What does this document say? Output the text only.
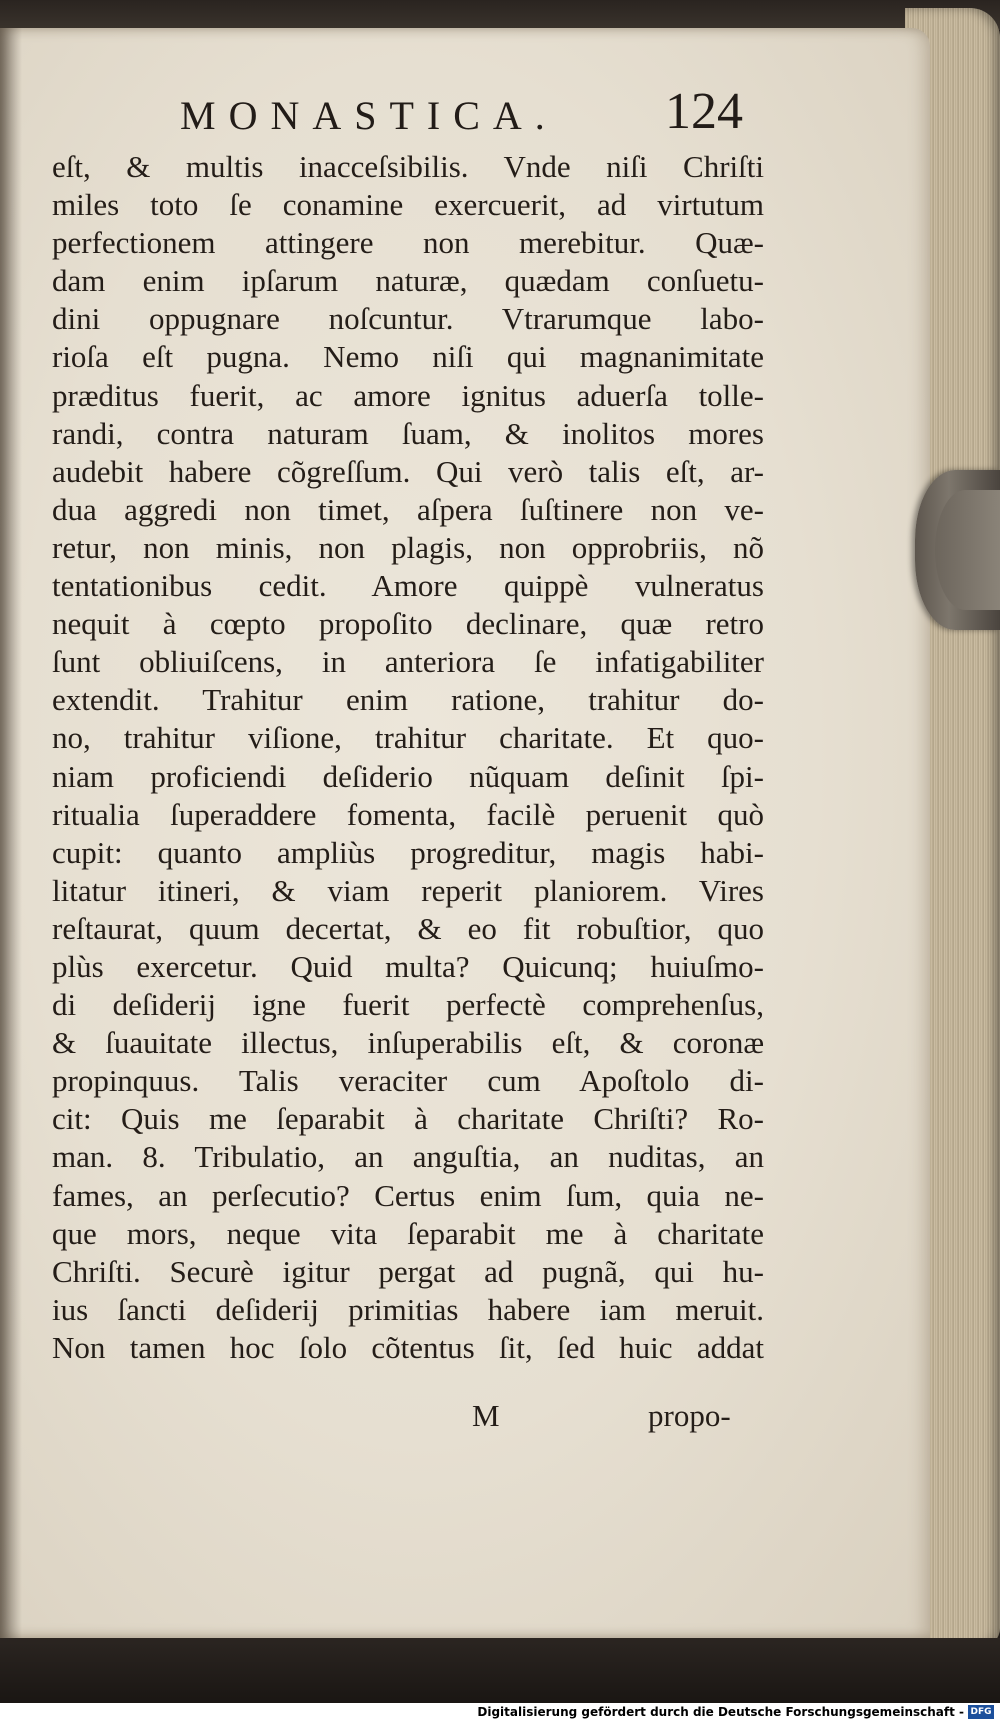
MONASTICA. 124
eſt, & multis inacceſsibilis. Vnde niſi Chriſti
miles toto ſe conamine exercuerit, ad virtutum
perfectionem attingere non merebitur. Quæ-
dam enim ipſarum naturæ, quædam conſuetu-
dini oppugnare noſcuntur. Vtrarumque labo-
rioſa eſt pugna. Nemo niſi qui magnanimitate
præditus fuerit, ac amore ignitus aduerſa tolle-
randi, contra naturam ſuam, & inolitos mores
audebit habere cõgreſſum. Qui verò talis eſt, ar-
dua aggredi non timet, aſpera ſuſtinere non ve-
retur, non minis, non plagis, non opprobriis, nõ
tentationibus cedit. Amore quippè vulneratus
nequit à cœpto propoſito declinare, quæ retro
ſunt obliuiſcens, in anteriora ſe infatigabiliter
extendit. Trahitur enim ratione, trahitur do-
no, trahitur viſione, trahitur charitate. Et quo-
niam proficiendi deſiderio nũquam deſinit ſpi-
ritualia ſuperaddere fomenta, facilè peruenit quò
cupit: quanto ampliùs progreditur, magis habi-
litatur itineri, & viam reperit planiorem. Vires
reſtaurat, quum decertat, & eo fit robuſtior, quo
plùs exercetur. Quid multa? Quicunq; huiuſmo-
di deſiderij igne fuerit perfectè comprehenſus,
& ſuauitate illectus, inſuperabilis eſt, & coronæ
propinquus. Talis veraciter cum Apoſtolo di-
cit: Quis me ſeparabit à charitate Chriſti? Ro-
man. 8. Tribulatio, an anguſtia, an nuditas, an
fames, an perſecutio? Certus enim ſum, quia ne-
que mors, neque vita ſeparabit me à charitate
Chriſti. Securè igitur pergat ad pugnã, qui hu-
ius ſancti deſiderij primitias habere iam meruit.
Non tamen hoc ſolo cõtentus ſit, ſed huic addat
M	propo-
Digitalisierung gefördert durch die Deutsche Forschungsgemeinschaft - DFG
